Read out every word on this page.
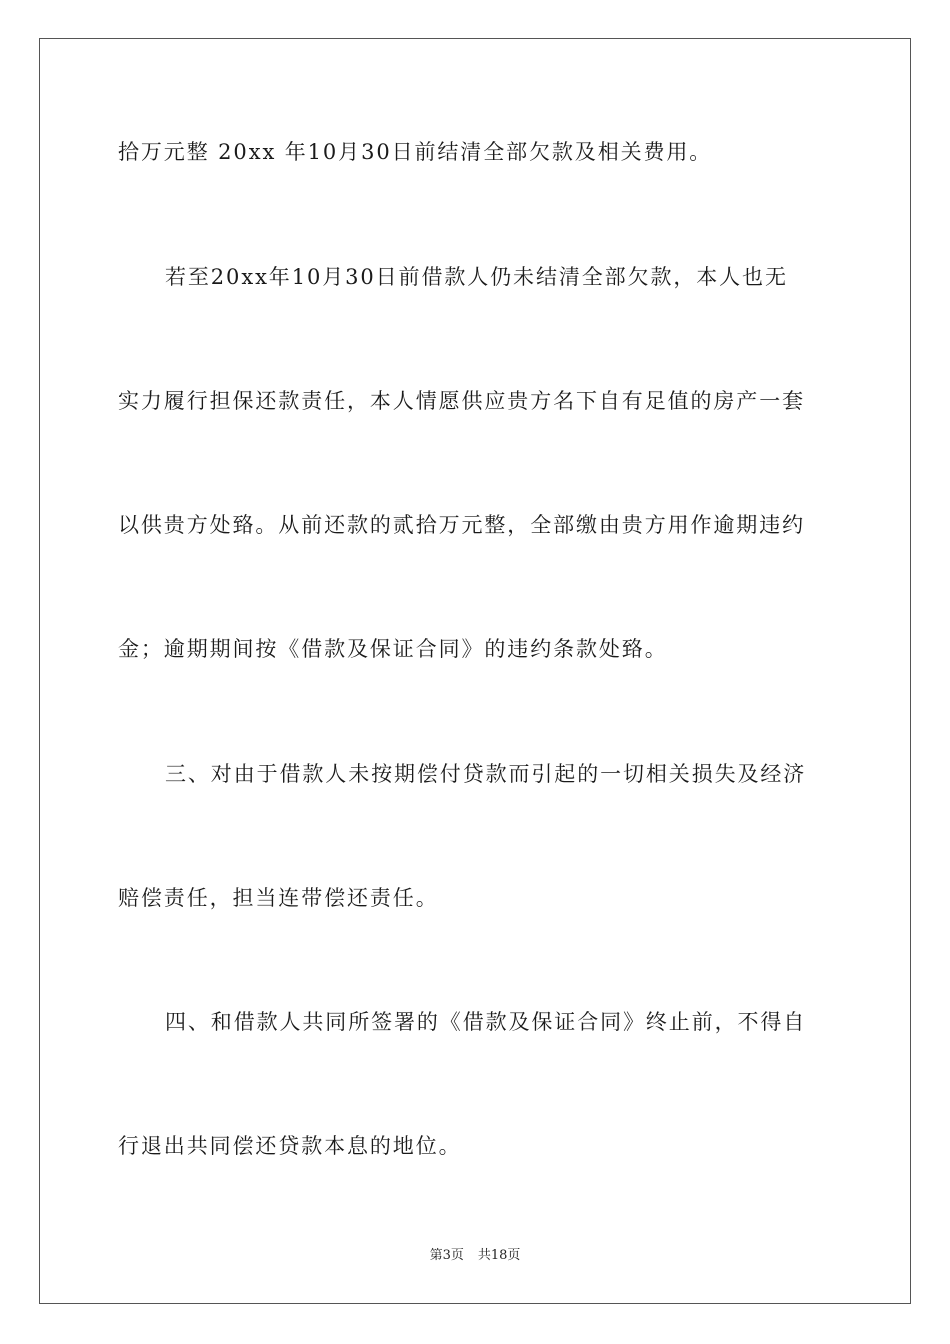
拾万元整 20xx 年10月30日前结清全部欠款及相关费用。
若至20xx年10月30日前借款人仍未结清全部欠款，本人也无
实力履行担保还款责任，本人情愿供应贵方名下自有足值的房产一套
以供贵方处臵。从前还款的贰拾万元整，全部缴由贵方用作逾期违约
金；逾期期间按《借款及保证合同》的违约条款处臵。
三、对由于借款人未按期偿付贷款而引起的一切相关损失及经济
赔偿责任，担当连带偿还责任。
四、和借款人共同所签署的《借款及保证合同》终止前，不得自
行退出共同偿还贷款本息的地位。
第3页 共18页
